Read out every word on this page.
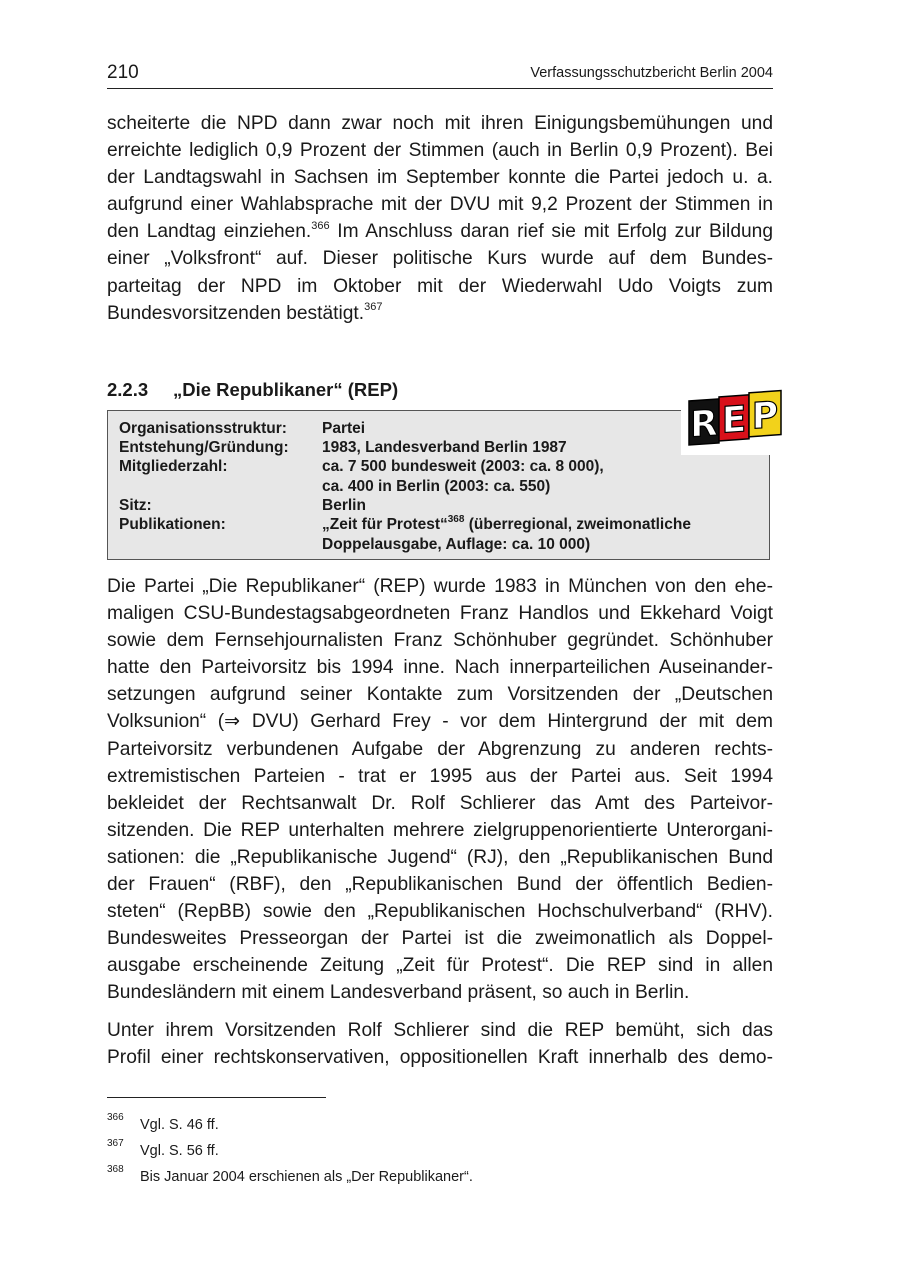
210	Verfassungsschutzbericht Berlin 2004
scheiterte die NPD dann zwar noch mit ihren Einigungsbemühungen und
erreichte lediglich 0,9 Prozent der Stimmen (auch in Berlin 0,9 Prozent). Bei
der Landtagswahl in Sachsen im September konnte die Partei jedoch u. a.
aufgrund einer Wahlabsprache mit der DVU mit 9,2 Prozent der Stimmen in
den Landtag einziehen.$^{366}$ Im Anschluss daran rief sie mit Erfolg zur Bildung
einer „Volksfront“ auf. Dieser politische Kurs wurde auf dem Bundes-
parteitag der NPD im Oktober mit der Wiederwahl Udo Voigts zum
Bundesvorsitzenden bestätigt.$^{367}$
2.2.3 „Die Republikaner“ (REP)
Organisationsstruktur: Partei
Entstehung/Gründung: 1983, Landesverband Berlin 1987
Mitgliederzahl:	ca. 7 500 bundesweit (2003: ca. 8 000),
ca. 400 in Berlin (2003: ca. 550)
Sitz:	Berlin
Publikationen:	„Zeit für Protest“$^{368}$ (überregional, zweimonatliche
Doppelausgabe, Auflage: ca. 10 000)
R E P
Die Partei „Die Republikaner“ (REP) wurde 1983 in München von den ehe-
maligen CSU-Bundestagsabgeordneten Franz Handlos und Ekkehard Voigt
sowie dem Fernsehjournalisten Franz Schönhuber gegründet. Schönhuber
hatte den Parteivorsitz bis 1994 inne. Nach innerparteilichen Auseinander-
setzungen aufgrund seiner Kontakte zum Vorsitzenden der „Deutschen
Volksunion“ (⇒ DVU) Gerhard Frey - vor dem Hintergrund der mit dem
Parteivorsitz verbundenen Aufgabe der Abgrenzung zu anderen rechts-
extremistischen Parteien - trat er 1995 aus der Partei aus. Seit 1994
bekleidet der Rechtsanwalt Dr. Rolf Schlierer das Amt des Parteivor-
sitzenden. Die REP unterhalten mehrere zielgruppenorientierte Unterorgani-
sationen: die „Republikanische Jugend“ (RJ), den „Republikanischen Bund
der Frauen“ (RBF), den „Republikanischen Bund der öffentlich Bedien-
steten“ (RepBB) sowie den „Republikanischen Hochschulverband“ (RHV).
Bundesweites Presseorgan der Partei ist die zweimonatlich als Doppel-
ausgabe erscheinende Zeitung „Zeit für Protest“. Die REP sind in allen
Bundesländern mit einem Landesverband präsent, so auch in Berlin.
Unter ihrem Vorsitzenden Rolf Schlierer sind die REP bemüht, sich das
Profil einer rechtskonservativen, oppositionellen Kraft innerhalb des demo-
366 Vgl. S. 46 ff.
367 Vgl. S. 56 ff.
368 Bis Januar 2004 erschienen als „Der Republikaner“.
